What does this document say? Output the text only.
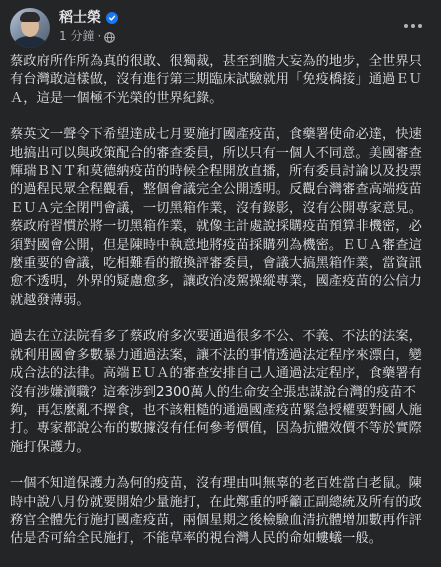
稻士榮
1 分鐘 ·

蔡政府所作所為真的很敢、很獨裁，甚至到膽大妄為的地步，全世界只有台灣敢這樣做，沒有進行第三期臨床試驗就用「免疫橋接」通過ＥＵＡ，這是一個極不光榮的世界紀錄。

蔡英文一聲令下希望達成七月要施打國產疫苗，食藥署使命必達，快速地搞出可以與政策配合的審查委員，所以只有一個人不同意。美國審查輝瑞ＢＮＴ和莫德納疫苗的時候全程開放直播，所有委員討論以及投票的過程民眾全程觀看，整個會議完全公開透明。反觀台灣審查高端疫苗ＥＵＡ完全閉門會議，一切黑箱作業，沒有錄影，沒有公開專家意見。蔡政府習慣於將一切黑箱作業，就像主計處說採購疫苗預算非機密，必須對國會公開，但是陳時中執意地將疫苗採購列為機密。ＥＵＡ審查這麼重要的會議，吃相難看的撤換評審委員，會議大搞黑箱作業，當資訊愈不透明，外界的疑慮愈多，讓政治凌駕操縱專業，國產疫苗的公信力就越發薄弱。

過去在立法院看多了蔡政府多次要通過很多不公、不義、不法的法案，就利用國會多數暴力通過法案，讓不法的事情透過法定程序來漂白，變成合法的法律。高端ＥＵＡ的審查安排自己人通過法定程序，食藥署有沒有涉嫌瀆職？這牽涉到2300萬人的生命安全張忠謀說台灣的疫苗不夠，再怎麼亂不擇食，也不該粗糙的通過國產疫苗緊急授權要對國人施打。專家都說公布的數據沒有任何參考價值，因為抗體效價不等於實際施打保護力。

一個不知道保護力為何的疫苗，沒有理由叫無辜的老百姓當白老鼠。陳時中說八月份就要開始少量施打，在此鄭重的呼籲正副總統及所有的政務官全體先行施打國產疫苗，兩個星期之後檢驗血清抗體增加數再作評估是否可給全民施打，不能草率的視台灣人民的命如螻蟻一般。
